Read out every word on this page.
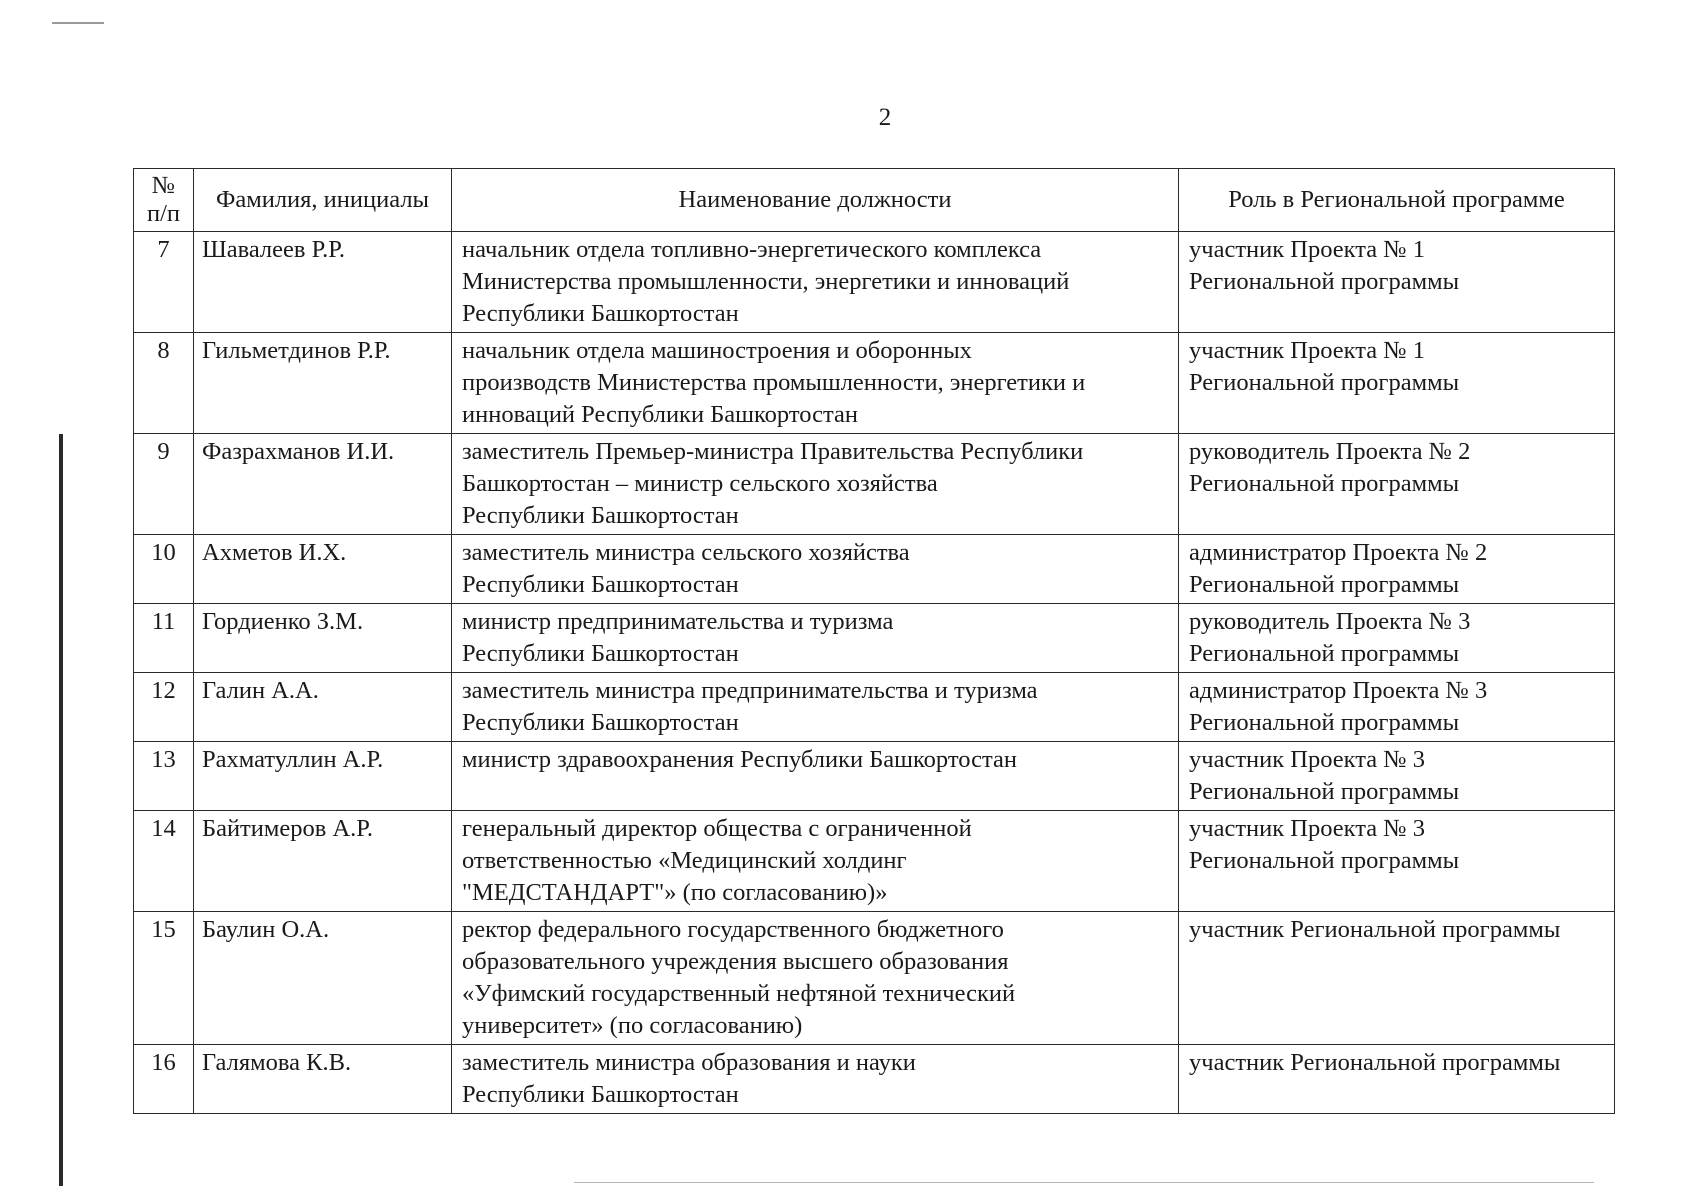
2
№
п/п	Фамилия, инициалы	Наименование должности	Роль в Региональной программе
7	Шавалеев Р.Р.	начальник отдела топливно-энергетического комплекса
Министерства промышленности, энергетики и инноваций
Республики Башкортостан	участник Проекта № 1
Региональной программы
8	Гильметдинов Р.Р.	начальник отдела машиностроения и оборонных
производств Министерства промышленности, энергетики и
инноваций Республики Башкортостан	участник Проекта № 1
Региональной программы
9	Фазрахманов И.И.	заместитель Премьер-министра Правительства Республики
Башкортостан – министр сельского хозяйства
Республики Башкортостан	руководитель Проекта № 2
Региональной программы
10	Ахметов И.Х.	заместитель министра сельского хозяйства
Республики Башкортостан	администратор Проекта № 2
Региональной программы
11	Гордиенко З.М.	министр предпринимательства и туризма
Республики Башкортостан	руководитель Проекта № 3
Региональной программы
12	Галин А.А.	заместитель министра предпринимательства и туризма
Республики Башкортостан	администратор Проекта № 3
Региональной программы
13	Рахматуллин А.Р.	министр здравоохранения Республики Башкортостан	участник Проекта № 3
Региональной программы
14	Байтимеров А.Р.	генеральный директор общества с ограниченной
ответственностью «Медицинский холдинг
"МЕДСТАНДАРТ"» (по согласованию)»	участник Проекта № 3
Региональной программы
15	Баулин О.А.	ректор федерального государственного бюджетного
образовательного учреждения высшего образования
«Уфимский государственный нефтяной технический
университет» (по согласованию)	участник Региональной программы
16	Галямова К.В.	заместитель министра образования и науки
Республики Башкортостан	участник Региональной программы
